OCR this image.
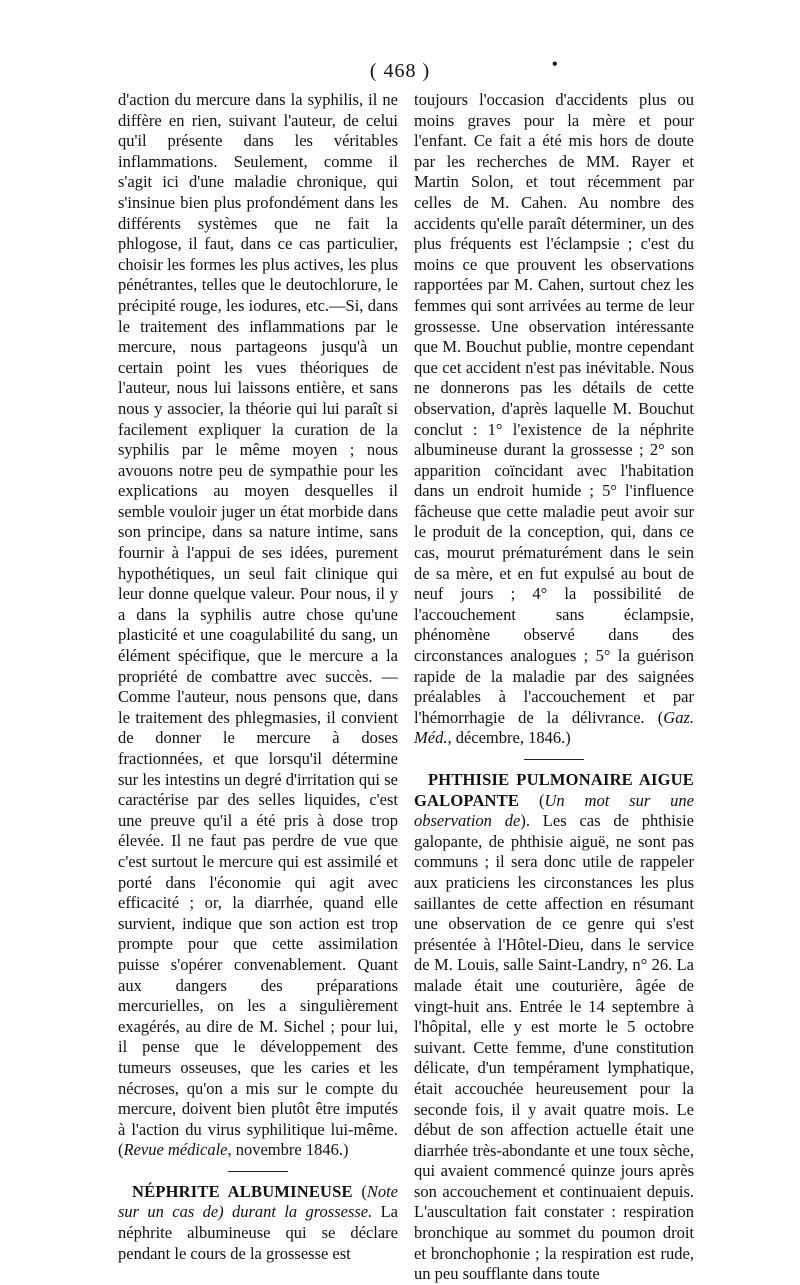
( 468 )	•

d'action du mercure dans la syphilis, il ne diffère en rien, suivant l'auteur, de celui qu'il présente dans les véritables inflammations. Seulement, comme il s'agit ici d'une maladie chronique, qui s'insinue bien plus profondément dans les différents systèmes que ne fait la phlogose, il faut, dans ce cas particulier, choisir les formes les plus actives, les plus pénétrantes, telles que le deutochlorure, le précipité rouge, les iodures, etc.—Si, dans le traitement des inflammations par le mercure, nous partageons jusqu'à un certain point les vues théoriques de l'auteur, nous lui laissons entière, et sans nous y associer, la théorie qui lui paraît si facilement expliquer la curation de la syphilis par le même moyen ; nous avouons notre peu de sympathie pour les explications au moyen desquelles il semble vouloir juger un état morbide dans son principe, dans sa nature intime, sans fournir à l'appui de ses idées, purement hypothétiques, un seul fait clinique qui leur donne quelque valeur. Pour nous, il y a dans la syphilis autre chose qu'une plasticité et une coagulabilité du sang, un élément spécifique, que le mercure a la propriété de combattre avec succès. — Comme l'auteur, nous pensons que, dans le traitement des phlegmasies, il convient de donner le mercure à doses fractionnées, et que lorsqu'il détermine sur les intestins un degré d'irritation qui se caractérise par des selles liquides, c'est une preuve qu'il a été pris à dose trop élevée. Il ne faut pas perdre de vue que c'est surtout le mercure qui est assimilé et porté dans l'économie qui agit avec efficacité ; or, la diarrhée, quand elle survient, indique que son action est trop prompte pour que cette assimilation puisse s'opérer convenablement. Quant aux dangers des préparations mercurielles, on les a singulièrement exagérés, au dire de M. Sichel ; pour lui, il pense que le développement des tumeurs osseuses, que les caries et les nécroses, qu'on a mis sur le compte du mercure, doivent bien plutôt être imputés à l'action du virus syphilitique lui-même. (Revue médicale, novembre 1846.)

NÉPHRITE ALBUMINEUSE (Note sur un cas de) durant la grossesse. La néphrite albumineuse qui se déclare pendant le cours de la grossesse est

toujours l'occasion d'accidents plus ou moins graves pour la mère et pour l'enfant. Ce fait a été mis hors de doute par les recherches de MM. Rayer et Martin Solon, et tout récemment par celles de M. Cahen. Au nombre des accidents qu'elle paraît déterminer, un des plus fréquents est l'éclampsie ; c'est du moins ce que prouvent les observations rapportées par M. Cahen, surtout chez les femmes qui sont arrivées au terme de leur grossesse. Une observation intéressante que M. Bouchut publie, montre cependant que cet accident n'est pas inévitable. Nous ne donnerons pas les détails de cette observation, d'après laquelle M. Bouchut conclut : 1° l'existence de la néphrite albumineuse durant la grossesse ; 2° son apparition coïncidant avec l'habitation dans un endroit humide ; 5° l'influence fâcheuse que cette maladie peut avoir sur le produit de la conception, qui, dans ce cas, mourut prématurément dans le sein de sa mère, et en fut expulsé au bout de neuf jours ; 4° la possibilité de l'accouchement sans éclampsie, phénomène observé dans des circonstances analogues ; 5° la guérison rapide de la maladie par des saignées préalables à l'accouchement et par l'hémorrhagie de la délivrance. (Gaz. Méd., décembre, 1846.)

PHTHISIE PULMONAIRE AIGUE GALOPANTE (Un mot sur une observation de). Les cas de phthisie galopante, de phthisie aiguë, ne sont pas communs ; il sera donc utile de rappeler aux praticiens les circonstances les plus saillantes de cette affection en résumant une observation de ce genre qui s'est présentée à l'Hôtel-Dieu, dans le service de M. Louis, salle Saint-Landry, n° 26. La malade était une couturière, âgée de vingt-huit ans. Entrée le 14 septembre à l'hôpital, elle y est morte le 5 octobre suivant. Cette femme, d'une constitution délicate, d'un tempérament lymphatique, était accouchée heureusement pour la seconde fois, il y avait quatre mois. Le début de son affection actuelle était une diarrhée très-abondante et une toux sèche, qui avaient commencé quinze jours après son accouchement et continuaient depuis. L'auscultation fait constater : respiration bronchique au sommet du poumon droit et bronchophonie ; la respiration est rude, un peu soufflante dans toute
